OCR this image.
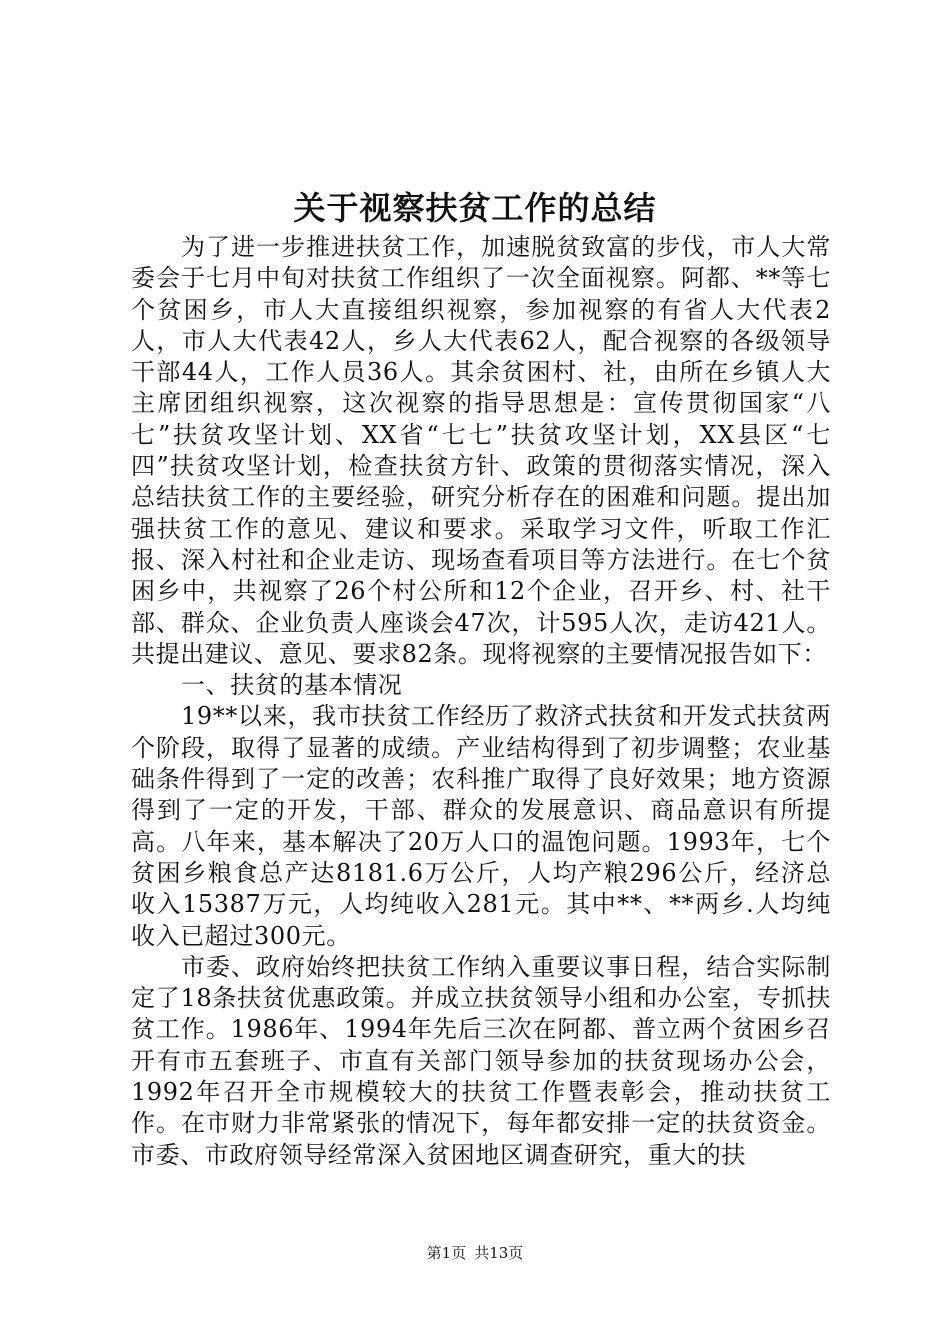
关于视察扶贫工作的总结

为了进一步推进扶贫工作，加速脱贫致富的步伐，市人大常委会于七月中旬对扶贫工作组织了一次全面视察。阿都、**等七个贫困乡，市人大直接组织视察，参加视察的有省人大代表2人，市人大代表42人，乡人大代表62人，配合视察的各级领导干部44人，工作人员36人。其余贫困村、社，由所在乡镇人大主席团组织视察，这次视察的指导思想是：宣传贯彻国家“八七”扶贫攻坚计划、XX省“七七”扶贫攻坚计划，XX县区“七四”扶贫攻坚计划，检查扶贫方针、政策的贯彻落实情况，深入总结扶贫工作的主要经验，研究分析存在的困难和问题。提出加强扶贫工作的意见、建议和要求。采取学习文件，听取工作汇报、深入村社和企业走访、现场查看项目等方法进行。在七个贫困乡中，共视察了26个村公所和12个企业，召开乡、村、社干部、群众、企业负责人座谈会47次，计595人次，走访421人。共提出建议、意见、要求82条。现将视察的主要情况报告如下：

一、扶贫的基本情况

19**以来，我市扶贫工作经历了救济式扶贫和开发式扶贫两个阶段，取得了显著的成绩。产业结构得到了初步调整；农业基础条件得到了一定的改善；农科推广取得了良好效果；地方资源得到了一定的开发，干部、群众的发展意识、商品意识有所提高。八年来，基本解决了20万人口的温饱问题。1993年，七个贫困乡粮食总产达8181.6万公斤，人均产粮296公斤，经济总收入15387万元，人均纯收入281元。其中**、**两乡.人均纯收入已超过300元。

市委、政府始终把扶贫工作纳入重要议事日程，结合实际制定了18条扶贫优惠政策。并成立扶贫领导小组和办公室，专抓扶贫工作。1986年、1994年先后三次在阿都、普立两个贫困乡召开有市五套班子、市直有关部门领导参加的扶贫现场办公会，1992年召开全市规模较大的扶贫工作暨表彰会，推动扶贫工作。在市财力非常紧张的情况下，每年都安排一定的扶贫资金。市委、市政府领导经常深入贫困地区调查研究，重大的扶

第1页 共13页
